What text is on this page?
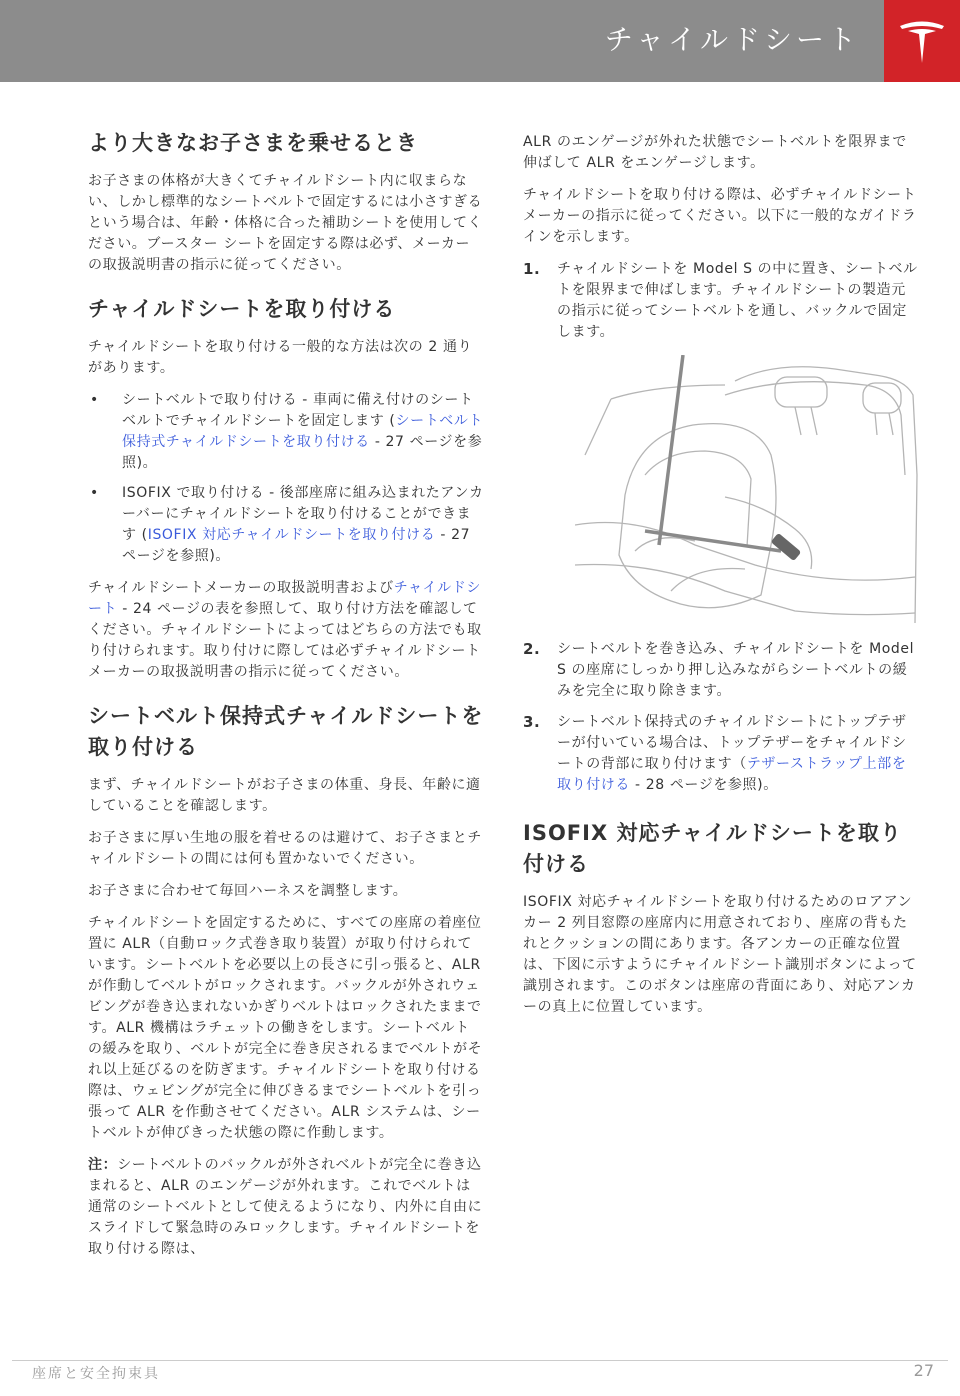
チャイルドシート
より大きなお子さまを乗せるとき

お子さまの体格が大きくてチャイルドシート内に収まらない、しかし標準的なシートベルトで固定するには小さすぎるという場合は、年齢・体格に合った補助シートを使用してください。ブースター シートを固定する際は必ず、メーカーの取扱説明書の指示に従ってください。

チャイルドシートを取り付ける

チャイルドシートを取り付ける一般的な方法は次の 2 通りがあります。

• シートベルトで取り付ける - 車両に備え付けのシートベルトでチャイルドシートを固定します (シートベルト保持式チャイルドシートを取り付ける - 27 ページを参照)。
• ISOFIX で取り付ける - 後部座席に組み込まれたアンカーバーにチャイルドシートを取り付けることができます (ISOFIX 対応チャイルドシートを取り付ける - 27 ページを参照)。

チャイルドシートメーカーの取扱説明書およびチャイルドシート - 24 ページの表を参照して、取り付け方法を確認してください。チャイルドシートによってはどちらの方法でも取り付けられます。取り付けに際しては必ずチャイルドシートメーカーの取扱説明書の指示に従ってください。

シートベルト保持式チャイルドシートを取り付ける

まず、チャイルドシートがお子さまの体重、身長、年齢に適していることを確認します。

お子さまに厚い生地の服を着せるのは避けて、お子さまとチャイルドシートの間には何も置かないでください。

お子さまに合わせて毎回ハーネスを調整します。

チャイルドシートを固定するために、すべての座席の着座位置に ALR（自動ロック式巻き取り装置）が取り付けられています。シートベルトを必要以上の長さに引っ張ると、ALR が作動してベルトがロックされます。バックルが外されウェビングが巻き込まれないかぎりベルトはロックされたままです。ALR 機構はラチェットの働きをします。シートベルトの緩みを取り、ベルトが完全に巻き戻されるまでベルトがそれ以上延びるのを防ぎます。チャイルドシートを取り付ける際は、ウェビングが完全に伸びきるまでシートベルトを引っ張って ALR を作動させてください。ALR システムは、シートベルトが伸びきった状態の際に作動します。

注：シートベルトのバックルが外されベルトが完全に巻き込まれると、ALR のエンゲージが外れます。これでベルトは通常のシートベルトとして使えるようになり、内外に自由にスライドして緊急時のみロックします。チャイルドシートを取り付ける際は、

ALR のエンゲージが外れた状態でシートベルトを限界まで伸ばして ALR をエンゲージします。

チャイルドシートを取り付ける際は、必ずチャイルドシートメーカーの指示に従ってください。以下に一般的なガイドラインを示します。

1. チャイルドシートを Model S の中に置き、シートベルトを限界まで伸ばします。チャイルドシートの製造元の指示に従ってシートベルトを通し、バックルで固定します。
2. シートベルトを巻き込み、チャイルドシートを Model S の座席にしっかり押し込みながらシートベルトの緩みを完全に取り除きます。
3. シートベルト保持式のチャイルドシートにトップテザーが付いている場合は、トップテザーをチャイルドシートの背部に取り付けます（テザーストラップ上部を取り付ける - 28 ページを参照)。
ISOFIX 対応チャイルドシートを取り付ける

ISOFIX 対応チャイルドシートを取り付けるためのロアアンカー 2 列目窓際の座席内に用意されており、座席の背もたれとクッションの間にあります。各アンカーの正確な位置は、下図に示すようにチャイルドシート識別ボタンによって識別されます。このボタンは座席の背面にあり、対応アンカーの真上に位置しています。

座席と安全拘束具	27
